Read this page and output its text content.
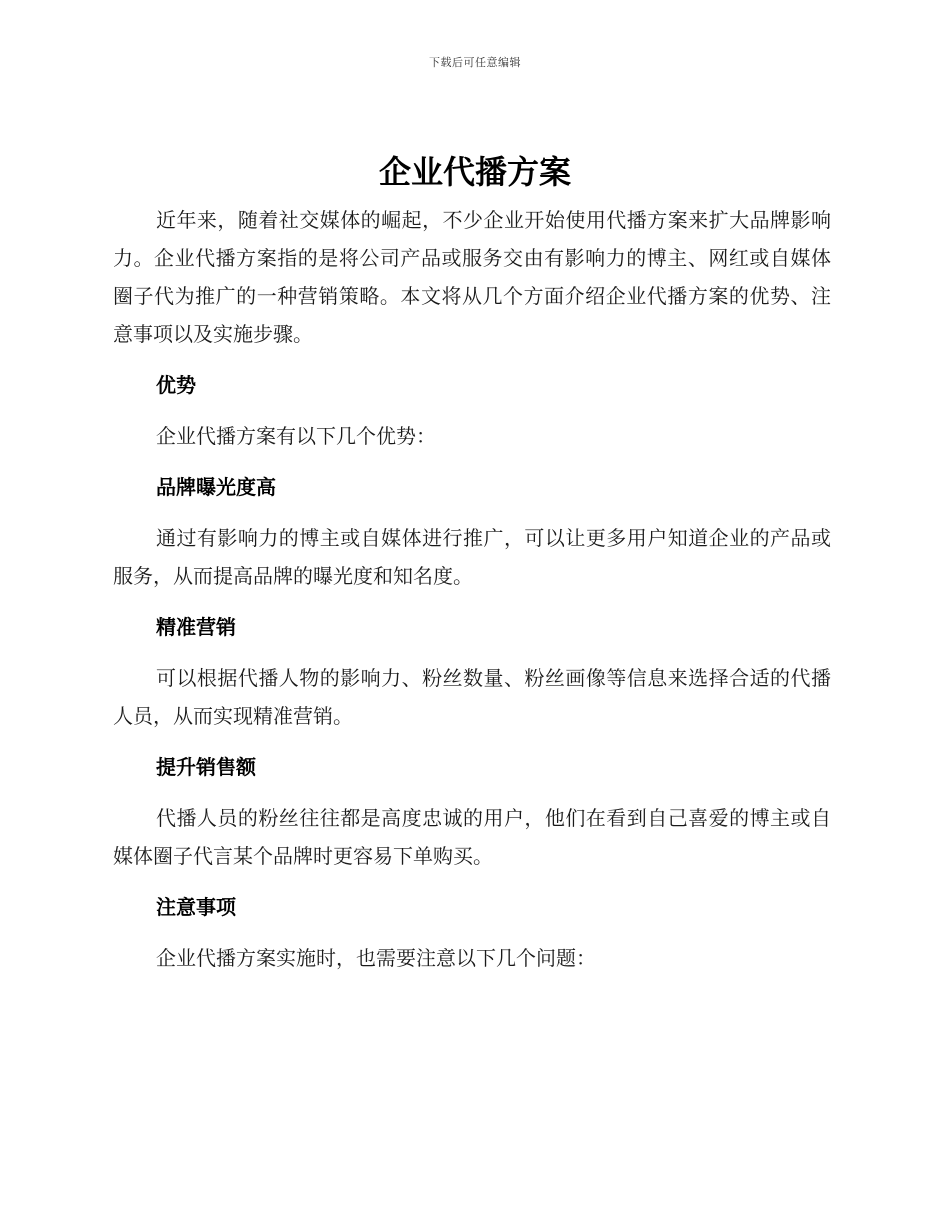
下载后可任意编辑
企业代播方案

近年来，随着社交媒体的崛起，不少企业开始使用代播方案来扩大品牌影响力。企业代播方案指的是将公司产品或服务交由有影响力的博主、网红或自媒体圈子代为推广的一种营销策略。本文将从几个方面介绍企业代播方案的优势、注意事项以及实施步骤。

优势

企业代播方案有以下几个优势：

品牌曝光度高

通过有影响力的博主或自媒体进行推广，可以让更多用户知道企业的产品或服务，从而提高品牌的曝光度和知名度。

精准营销

可以根据代播人物的影响力、粉丝数量、粉丝画像等信息来选择合适的代播人员，从而实现精准营销。

提升销售额

代播人员的粉丝往往都是高度忠诚的用户，他们在看到自己喜爱的博主或自媒体圈子代言某个品牌时更容易下单购买。

注意事项

企业代播方案实施时，也需要注意以下几个问题：
